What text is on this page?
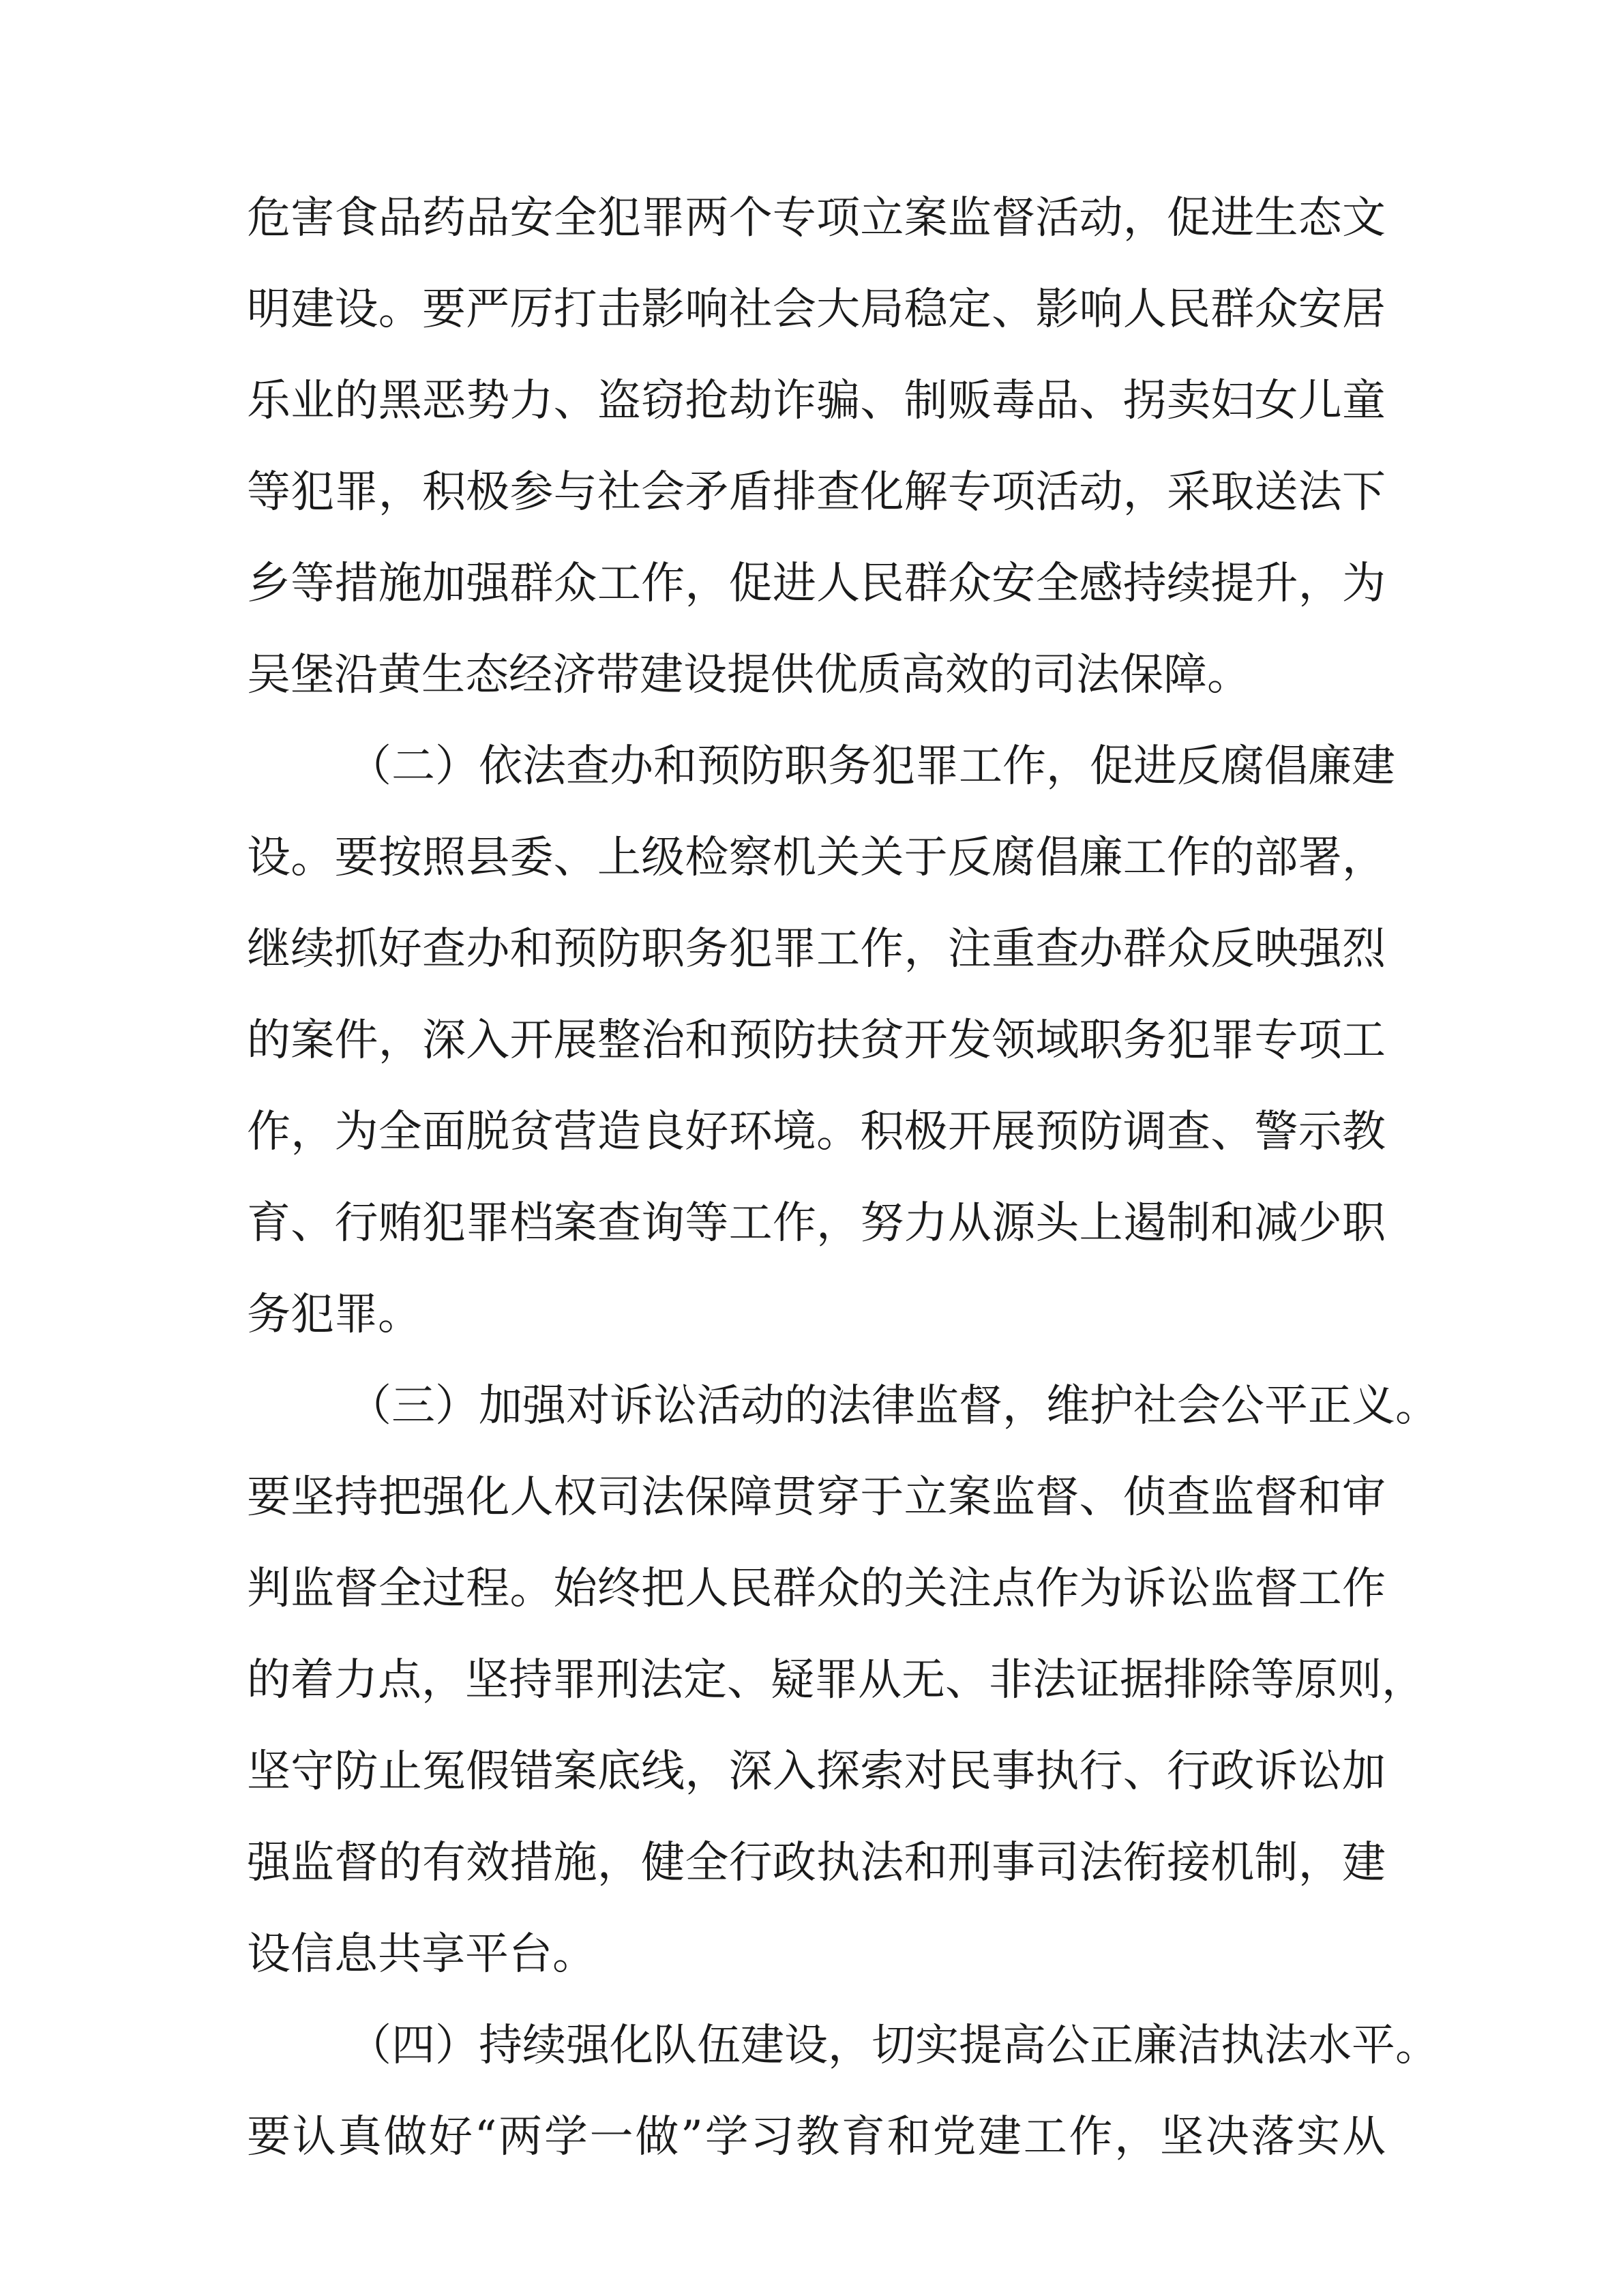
危害食品药品安全犯罪两个专项立案监督活动，促进生态文
明建设。要严厉打击影响社会大局稳定、影响人民群众安居
乐业的黑恶势力、盗窃抢劫诈骗、制贩毒品、拐卖妇女儿童
等犯罪，积极参与社会矛盾排查化解专项活动，采取送法下
乡等措施加强群众工作，促进人民群众安全感持续提升，为
吴堡沿黄生态经济带建设提供优质高效的司法保障。
（二）依法查办和预防职务犯罪工作，促进反腐倡廉建
设。要按照县委、上级检察机关关于反腐倡廉工作的部署，
继续抓好查办和预防职务犯罪工作，注重查办群众反映强烈
的案件，深入开展整治和预防扶贫开发领域职务犯罪专项工
作，为全面脱贫营造良好环境。积极开展预防调查、警示教
育、行贿犯罪档案查询等工作，努力从源头上遏制和减少职
务犯罪。
（三）加强对诉讼活动的法律监督，维护社会公平正义。
要坚持把强化人权司法保障贯穿于立案监督、侦查监督和审
判监督全过程。始终把人民群众的关注点作为诉讼监督工作
的着力点，坚持罪刑法定、疑罪从无、非法证据排除等原则，
坚守防止冤假错案底线，深入探索对民事执行、行政诉讼加
强监督的有效措施，健全行政执法和刑事司法衔接机制，建
设信息共享平台。
（四）持续强化队伍建设，切实提高公正廉洁执法水平。
要认真做好“两学一做”学习教育和党建工作，坚决落实从
